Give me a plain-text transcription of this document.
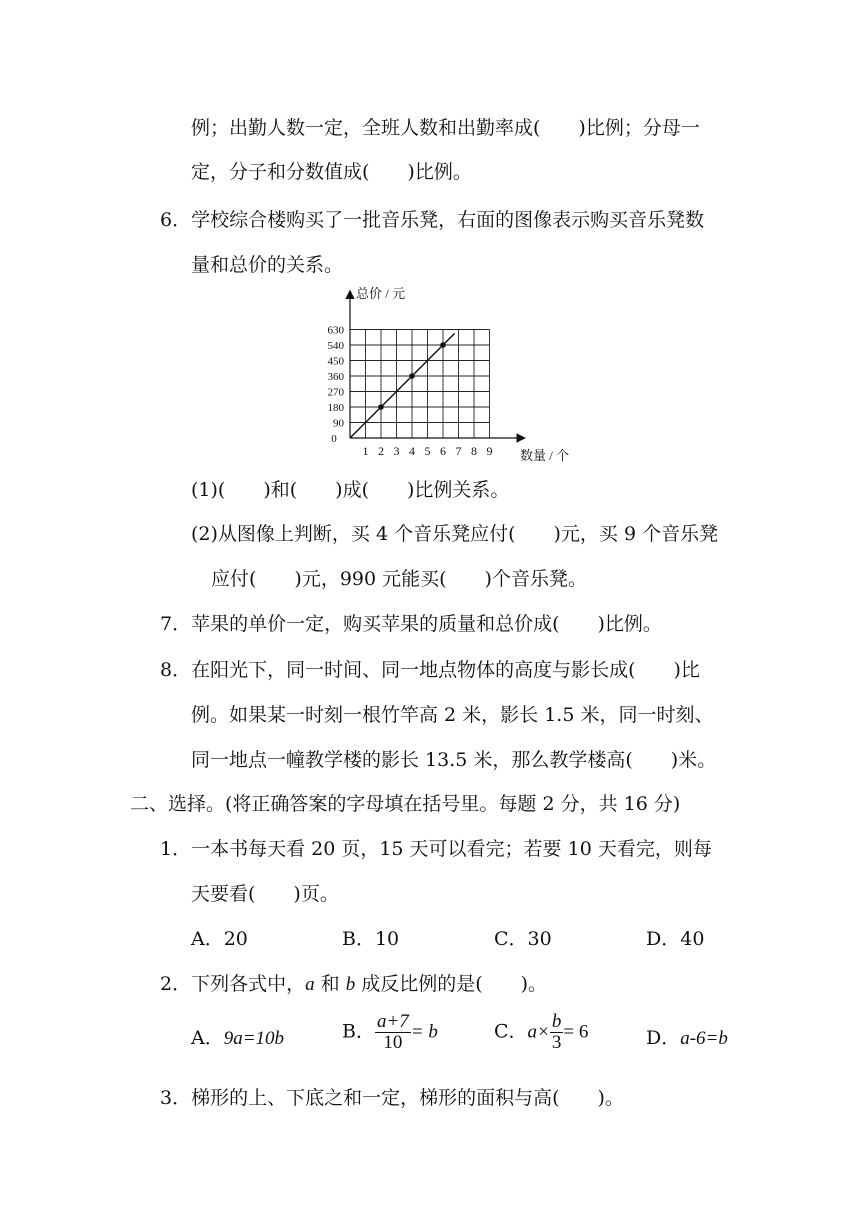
例；出勤人数一定，全班人数和出勤率成(　　)比例；分母一
定，分子和分数值成(　　)比例。
6．学校综合楼购买了一批音乐凳，右面的图像表示购买音乐凳数
量和总价的关系。
1 2 3 4 5 6 7 8 9
90
180
270
360
450
540
630
0
总价 / 元
数量 / 个
(1)(　　)和(　　)成(　　)比例关系。
(2)从图像上判断，买 4 个音乐凳应付(　　)元，买 9 个音乐凳
应付(　　)元，990 元能买(　　)个音乐凳。
7．苹果的单价一定，购买苹果的质量和总价成(　　)比例。
8．在阳光下，同一时间、同一地点物体的高度与影长成(　　)比
例。如果某一时刻一根竹竿高 2 米，影长 1.5 米，同一时刻、
同一地点一幢教学楼的影长 13.5 米，那么教学楼高(　　)米。
二、选择。(将正确答案的字母填在括号里。每题 2 分，共 16 分)
1．一本书每天看 20 页，15 天可以看完；若要 10 天看完，则每
天要看(　　)页。
A．20	B．10	C．30	D．40
2．下列各式中，a 和 b 成反比例的是(　　)。
A．9a=10b	B． $\frac{a+7}{10} = b$	C．$a\times \frac{b}{3} = 6$	D．a-6=b
3．梯形的上、下底之和一定，梯形的面积与高(　　)。
